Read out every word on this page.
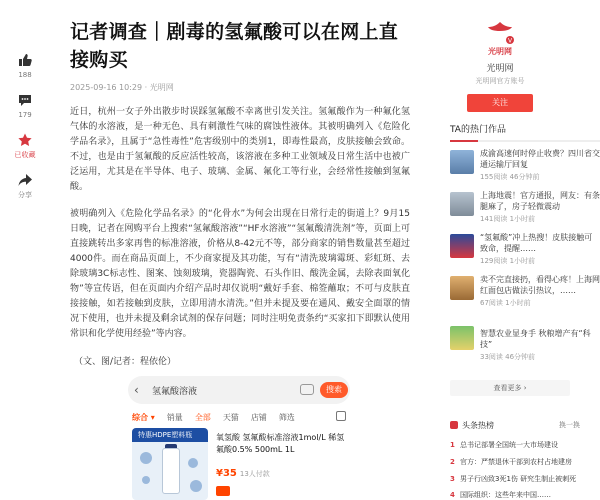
188
179
已收藏
分享
记者调查｜剧毒的氢氟酸可以在网上直接购买
2025-09-16 10:29 · 光明网

近日，杭州一女子外出散步时误踩氢氟酸不幸离世引发关注。氢氟酸作为一种氟化氢气体的水溶液，是一种无色、具有刺激性气味的腐蚀性液体。其被明确列入《危险化学品名录》，且属于“急性毒性”危害级别中的类别1，即毒性最高，皮肤接触会致命。不过，也是由于氢氟酸的反应活性较高，该溶液在多种工业领域及日常生活中也被广泛运用，尤其是在半导体、电子、玻璃、金属、氟化工等行业，会经常性接触到氢氟酸。

被明确列入《危险化学品名录》的“化骨水”为何会出现在日常行走的街道上？9月15日晚，记者在网购平台上搜索“氢氟酸溶液”“HF水溶液”“氢氟酸清洗剂”等，页面上可直接跳转出多家再售的标准溶液，价格从8-42元不等，部分商家的销售数量甚至超过4000件。而在商品页面上，不少商家提及其功能，写有“清洗玻璃霉斑、彩虹斑、去除玻璃3C标志性、图案、蚀刻玻璃，瓷器陶瓷、石头作旧、酸洗金属，去除表面氧化物”等宣传语，但在页面内介绍产品时却仅说明“戴好手套、棉签蘸取；不可与皮肤直接接触，如若接触到皮肤，立即用清水清洗。”但并未提及要在通风、戴安全面罩的情况下使用，也并未提及剩余试剂的保存问题；同时注明免责条约“买家扣下即默认使用常识和化学使用经验”等内容。

（文、图/记者：程依伦）
‹ 氢氟酸溶液	搜索
综合 ▾ 销量 全部 天猫 店铺 筛选
特惠HDPE塑料瓶	氧氢酸 氢氟酸标准溶液1mol/L 稀氢氟酸0.5% 500mL 1L
¥35 13人付款
V
光明网
光明网
光明网官方账号
关注
TA的热门作品
成渝高速何时停止收费？四川省交通运输厅回复
155阅读 46分钟前
上海地震！官方通报，网友：有条腿麻了，房子轻微震动
141阅读 1小时前
“氢氟酸”冲上热搜！皮肤接触可致命，提醒……
129阅读 1小时前
卖不完直接扔，看得心疼！上海网红面包店做法引热议，……
67阅读 1小时前
智慧农业显身手 秋粮增产有“科技”
33阅读 46分钟前
查看更多 ›
头条热榜	换一换
1 总书记部署全国统一大市场建设
2 官方：严禁退休干部到农村占地建房
3 男子行凶致3死1伤 研究生制止被刺死
4 国际组织：这些年来中国……
